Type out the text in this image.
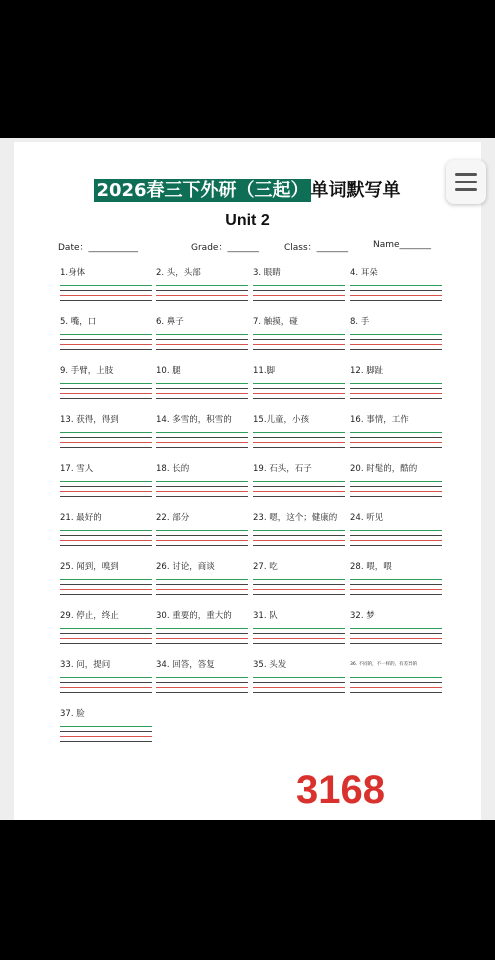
2026春三下外研（三起） 单词默写单
Unit 2
Date：___________	Grade：_______	Class：_______	Name_______
1.身体	2. 头，头部	3. 眼睛	4. 耳朵
5. 嘴，口	6. 鼻子	7. 触摸，碰	8. 手
9. 手臂，上肢	10. 腿	11.脚	12. 脚趾
13. 获得，得到	14. 多雪的，积雪的	15.儿童，小孩	16. 事情，工作
17. 雪人	18. 长的	19. 石头，石子	20. 时髦的，酷的
21. 最好的	22. 部分	23. 嗯，这个；健康的	24. 听见
25. 闻到，嗅到	26. 讨论，商谈	27. 吃	28. 喂，喂
29. 停止，终止	30. 重要的，重大的	31. 队	32. 梦
33. 问，提问	34. 回答，答复	35. 头发	36. 不同的，不一样的，有差异的
37. 脸
3168
